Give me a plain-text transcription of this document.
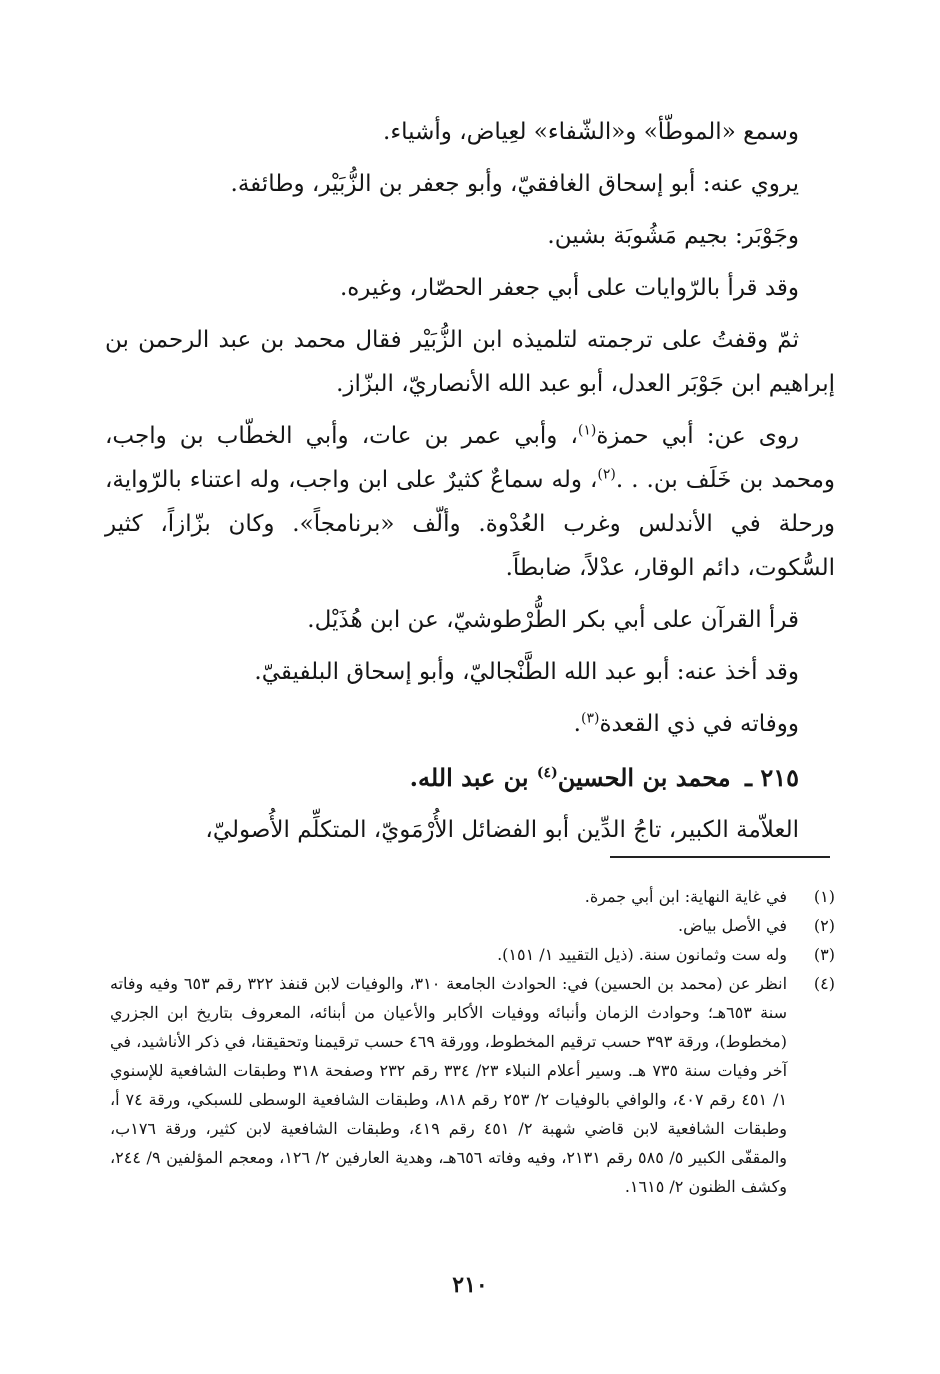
وسمع «الموطّأ» و«الشّفاء» لعِياض، وأشياء.

يروي عنه: أبو إسحاق الغافقيّ، وأبو جعفر بن الزُّبَيْر، وطائفة.

وجَوْبَر: بجيم مَشُوبَة بشين.

وقد قرأ بالرّوايات على أبي جعفر الحصّار، وغيره.

ثمّ وقفتُ على ترجمته لتلميذه ابن الزُّبَيْر فقال محمد بن عبد الرحمن بن إبراهيم ابن جَوْبَر العدل، أبو عبد الله الأنصاريّ، البزّاز.

روى عن: أبي حمزة$^{(١)}$، وأبي عمر بن عات، وأبي الخطّاب بن واجب، ومحمد بن خَلَف بن. . .$^{(٢)}$، وله سماعٌ كثيرٌ على ابن واجب، وله اعتناء بالرّواية، ورحلة في الأندلس وغرب العُدْوة. وألّف «برنامجاً». وكان بزّازاً، كثير السُّكوت، دائم الوقار، عدْلاً، ضابطاً.

قرأ القرآن على أبي بكر الطُّرْطوشيّ، عن ابن هُذَيْل.

وقد أخذ عنه: أبو عبد الله الطَّنْجاليّ، وأبو إسحاق البلفيقيّ.

ووفاته في ذي القعدة$^{(٣)}$.

٢١٥ ـ محمد بن الحسين$^{(٤)}$ بن عبد الله.

العلاّمة الكبير، تاجُ الدِّين أبو الفضائل الأُرْمَويّ، المتكلِّم الأُصوليّ،

(١)
في غاية النهاية: ابن أبي جمرة.
(٢)
في الأصل بياض.
(٣)
وله ست وثمانون سنة. (ذيل التقييد ١/ ١٥١).
(٤)
انظر عن (محمد بن الحسين) في: الحوادث الجامعة ٣١٠، والوفيات لابن قنفذ ٣٢٢ رقم ٦٥٣ وفيه وفاته سنة ٦٥٣هـ؛ وحوادث الزمان وأنبائه ووفيات الأكابر والأعيان من أبنائه، المعروف بتاريخ ابن الجزري (مخطوط)، ورقة ٣٩٣ حسب ترقيم المخطوط، وورقة ٤٦٩ حسب ترقيمنا وتحقيقنا، في ذكر الأناشيد، في آخر وفيات سنة ٧٣٥ هـ. وسير أعلام النبلاء ٢٣/ ٣٣٤ رقم ٢٣٢ وصفحة ٣١٨ وطبقات الشافعية للإسنوي ١/ ٤٥١ رقم ٤٠٧، والوافي بالوفيات ٢/ ٢٥٣ رقم ٨١٨، وطبقات الشافعية الوسطى للسبكي، ورقة ٧٤ أ، وطبقات الشافعية لابن قاضي شهبة ٢/ ٤٥١ رقم ٤١٩، وطبقات الشافعية لابن كثير، ورقة ١٧٦ب، والمقفّى الكبير ٥/ ٥٨٥ رقم ٢١٣١، وفيه وفاته ٦٥٦هـ، وهدية العارفين ٢/ ١٢٦، ومعجم المؤلفين ٩/ ٢٤٤، وكشف الظنون ٢/ ١٦١٥.
٢١٠
